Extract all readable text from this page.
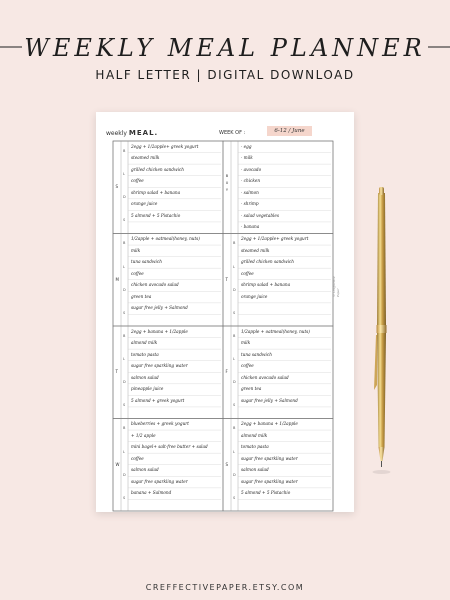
WEEKLY MEAL PLANNER
HALF LETTER | DIGITAL DOWNLOAD
weekly MEAL.	WEEK OF :	6-12 / June
S
B
L
D
S
2egg + 1/2apple+ greek yogurt
steamed milk
grilled chicken sandwich
coffee
shrimp salad + banana
orange juice
5 almond + 5 Pistachio
B
U
Y
· egg
· milk
· avocado
· chicken
· salmon
· shrimp
· salad vegetables
· banana
M
B
L
D
S
1/2apple + oatmeal(honey, nuts)
milk
tuna sandwich
coffee
chicken avocado salad
green tea
sugar free jelly + Salmond
T
B
L
D
S
2egg + 1/2apple+ greek yogurt
steamed milk
grilled chicken sandwich
coffee
shrimp salad + banana
orange juice
T
B
L
D
S
2egg + banana + 1/2apple
almond milk
tomato pasta
sugar free sparkling water
salmon salad
pineapple juice
5 almond + greek yogurt
F
B
L
D
S
1/2apple + oatmeal(honey, nuts)
milk
tuna sandwich
coffee
chicken avocado salad
green tea
sugar free jelly + Salmond
W
B
L
D
S
blueberries + greek yogurt
+ 1/2 apple
mini bagel+ salt-free butter + salad
coffee
salmon salad
sugar free sparkling water
banana + Salmond
S
B
L
D
S
2egg + banana + 1/2apple
almond milk
tomato pasta
sugar free sparkling water
salmon salad
sugar free sparkling water
5 almond + 5 Pistachio
© Creffective Paper
CREFFECTIVEPAPER.ETSY.COM
